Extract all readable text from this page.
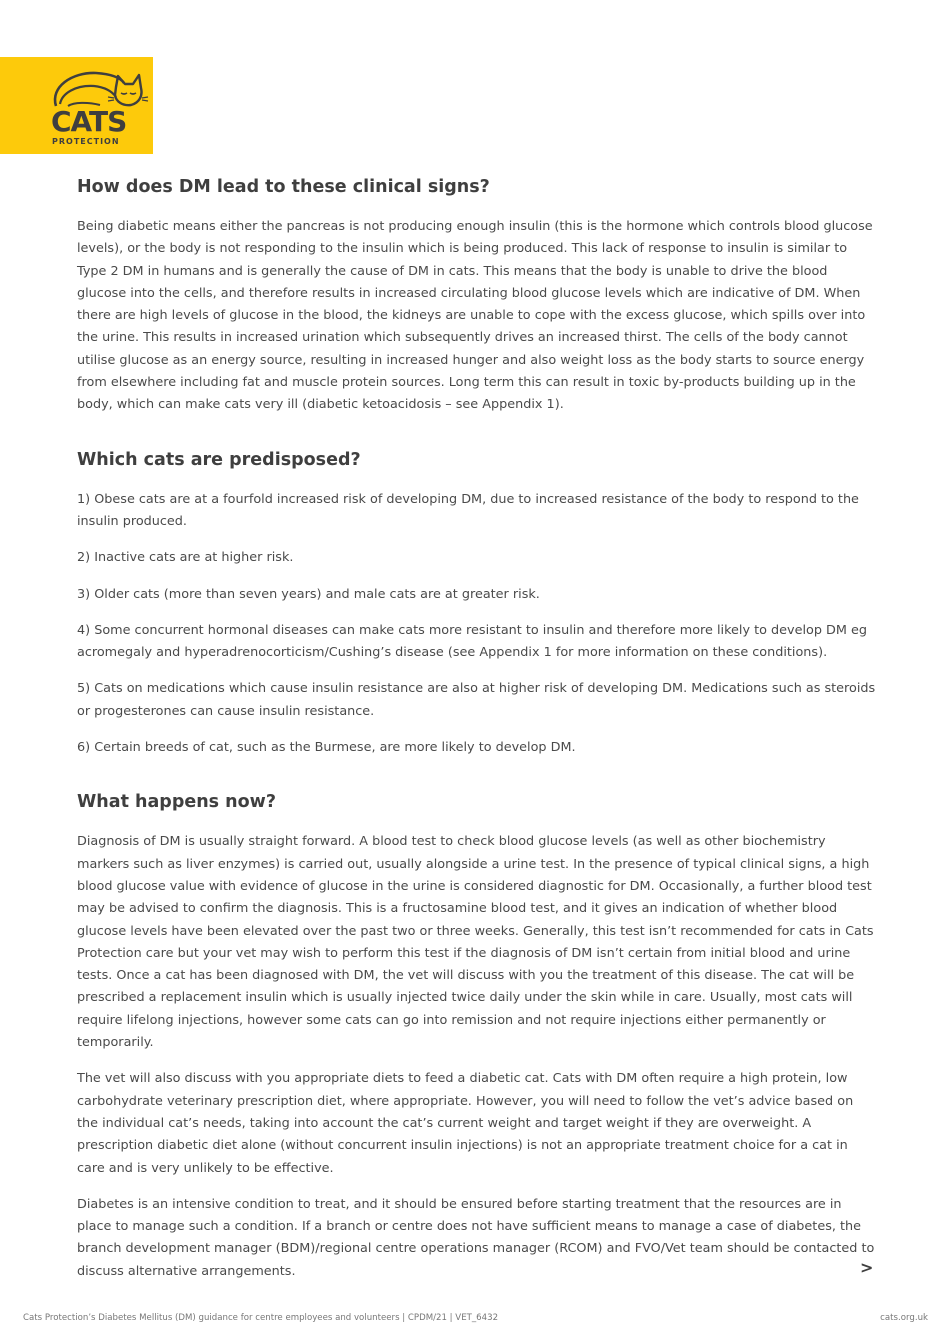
CATS
PROTECTION
How does DM lead to these clinical signs?

Being diabetic means either the pancreas is not producing enough insulin (this is the hormone which controls blood glucose levels), or the body is not responding to the insulin which is being produced. This lack of response to insulin is similar to Type 2 DM in humans and is generally the cause of DM in cats. This means that the body is unable to drive the blood glucose into the cells, and therefore results in increased circulating blood glucose levels which are indicative of DM. When there are high levels of glucose in the blood, the kidneys are unable to cope with the excess glucose, which spills over into the urine. This results in increased urination which subsequently drives an increased thirst. The cells of the body cannot utilise glucose as an energy source, resulting in increased hunger and also weight loss as the body starts to source energy from elsewhere including fat and muscle protein sources. Long term this can result in toxic by-products building up in the body, which can make cats very ill (diabetic ketoacidosis – see Appendix 1).

Which cats are predisposed?

1) Obese cats are at a fourfold increased risk of developing DM, due to increased resistance of the body to respond to the insulin produced.

2) Inactive cats are at higher risk.

3) Older cats (more than seven years) and male cats are at greater risk.

4) Some concurrent hormonal diseases can make cats more resistant to insulin and therefore more likely to develop DM eg acromegaly and hyperadrenocorticism/Cushing’s disease (see Appendix 1 for more information on these conditions).

5) Cats on medications which cause insulin resistance are also at higher risk of developing DM. Medications such as steroids or progesterones can cause insulin resistance.

6) Certain breeds of cat, such as the Burmese, are more likely to develop DM.

What happens now?

Diagnosis of DM is usually straight forward. A blood test to check blood glucose levels (as well as other biochemistry markers such as liver enzymes) is carried out, usually alongside a urine test. In the presence of typical clinical signs, a high blood glucose value with evidence of glucose in the urine is considered diagnostic for DM. Occasionally, a further blood test may be advised to confirm the diagnosis. This is a fructosamine blood test, and it gives an indication of whether blood glucose levels have been elevated over the past two or three weeks. Generally, this test isn’t recommended for cats in Cats Protection care but your vet may wish to perform this test if the diagnosis of DM isn’t certain from initial blood and urine tests. Once a cat has been diagnosed with DM, the vet will discuss with you the treatment of this disease. The cat will be prescribed a replacement insulin which is usually injected twice daily under the skin while in care. Usually, most cats will require lifelong injections, however some cats can go into remission and not require injections either permanently or temporarily.

The vet will also discuss with you appropriate diets to feed a diabetic cat. Cats with DM often require a high protein, low carbohydrate veterinary prescription diet, where appropriate. However, you will need to follow the vet’s advice based on the individual cat’s needs, taking into account the cat’s current weight and target weight if they are overweight. A prescription diabetic diet alone (without concurrent insulin injections) is not an appropriate treatment choice for a cat in care and is very unlikely to be effective.

Diabetes is an intensive condition to treat, and it should be ensured before starting treatment that the resources are in place to manage such a condition. If a branch or centre does not have sufficient means to manage a case of diabetes, the branch development manager (BDM)/regional centre operations manager (RCOM) and FVO/Vet team should be contacted to discuss alternative arrangements.	>
Cats Protection’s Diabetes Mellitus (DM) guidance for centre employees and volunteers | CPDM/21 | VET_6432	cats.org.uk
